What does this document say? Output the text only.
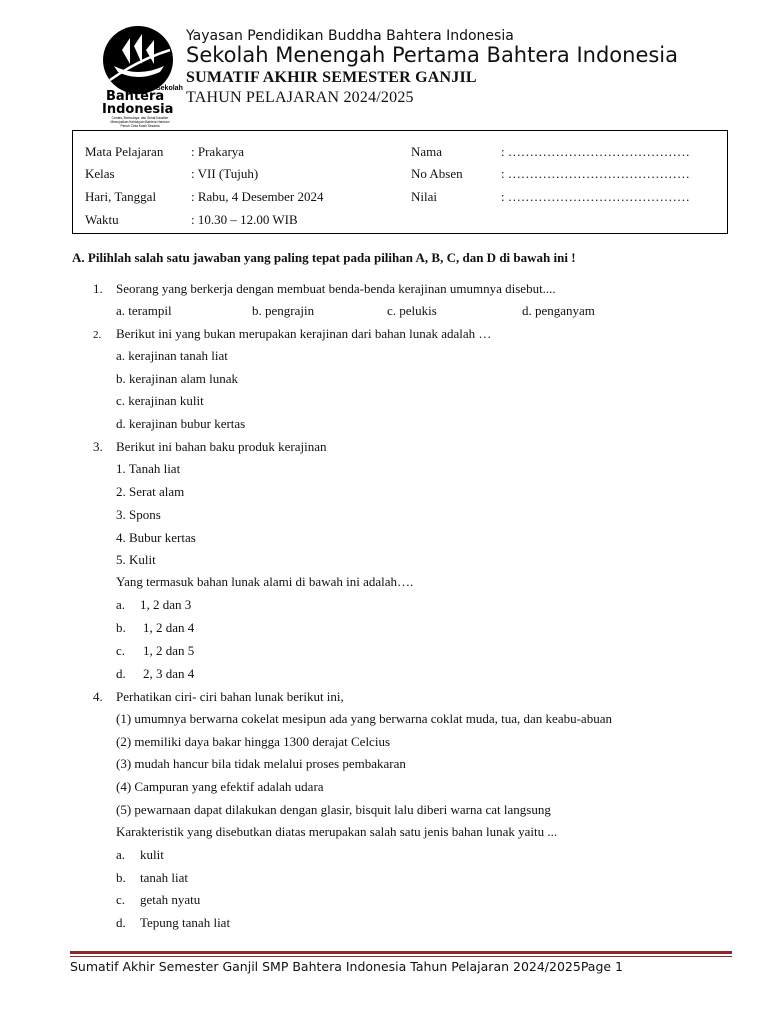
Sekolah
Bahtera
Indonesia
Cerdas, Berbudaya, dan Sehat Karakter
Mewujudkan Kehidupan Bahtera Harmoni
Penuh Cinta Kasih Sesama
Yayasan Pendidikan Buddha Bahtera Indonesia
Sekolah Menengah Pertama Bahtera Indonesia
SUMATIF AKHIR SEMESTER GANJIL
TAHUN PELAJARAN 2024/2025
Mata Pelajaran : Prakarya	Nama	: ……………………………………
Kelas	: VII (Tujuh)	No Absen	: ……………………………………
Hari, Tanggal	: Rabu, 4 Desember 2024	Nilai	: ……………………………………
Waktu	: 10.30 – 12.00 WIB
A. Pilihlah salah satu jawaban yang paling tepat pada pilihan A, B, C, dan D di bawah ini !
1. Seorang yang berkerja dengan membuat benda-benda kerajinan umumnya disebut....
a. terampil	b. pengrajin	c. pelukis	d. penganyam
2. Berikut ini yang bukan merupakan kerajinan dari bahan lunak adalah …
a. kerajinan tanah liat
b. kerajinan alam lunak
c. kerajinan kulit
d. kerajinan bubur kertas
3. Berikut ini bahan baku produk kerajinan
1. Tanah liat
2. Serat alam
3. Spons
4. Bubur kertas
5. Kulit
Yang termasuk bahan lunak alami di bawah ini adalah….
a. 1, 2 dan 3
b. 1, 2 dan 4
c. 1, 2 dan 5
d. 2, 3 dan 4
4. Perhatikan ciri- ciri bahan lunak berikut ini,
(1) umumnya berwarna cokelat mesipun ada yang berwarna coklat muda, tua, dan keabu-abuan
(2) memiliki daya bakar hingga 1300 derajat Celcius
(3) mudah hancur bila tidak melalui proses pembakaran
(4) Campuran yang efektif adalah udara
(5) pewarnaan dapat dilakukan dengan glasir, bisquit lalu diberi warna cat langsung
Karakteristik yang disebutkan diatas merupakan salah satu jenis bahan lunak yaitu ...
a. kulit
b. tanah liat
c. getah nyatu
d. Tepung tanah liat
Sumatif Akhir Semester Ganjil SMP Bahtera Indonesia Tahun Pelajaran 2024/2025Page 1
